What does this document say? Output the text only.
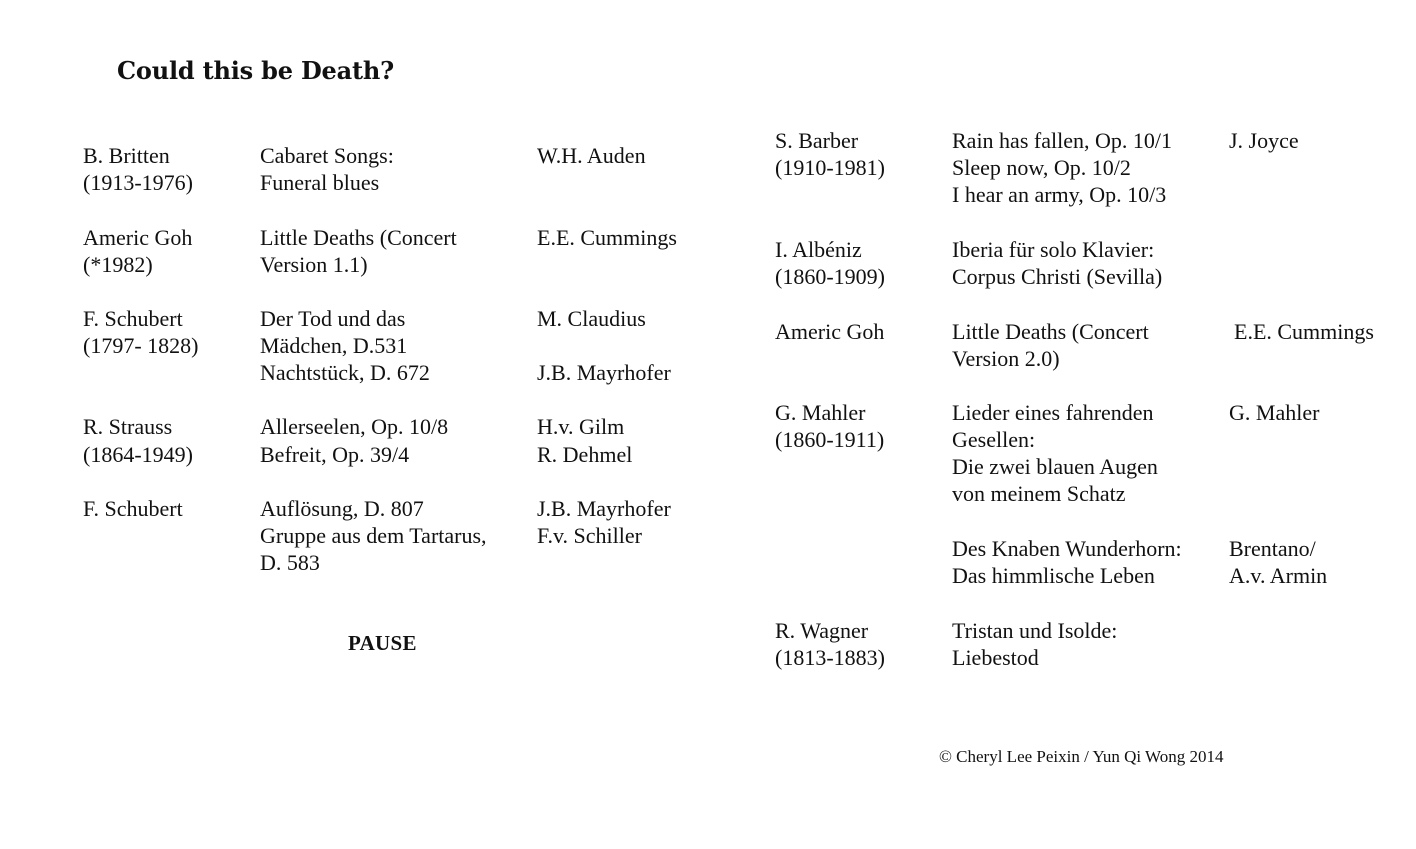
Could this be Death?
B. Britten
(1913-1976)
Cabaret Songs:
Funeral blues
W.H. Auden
Americ Goh
(*1982)
Little Deaths (Concert
Version 1.1)
E.E. Cummings
F. Schubert
(1797- 1828)
Der Tod und das
Mädchen, D.531
Nachtstück, D. 672
M. Claudius
J.B. Mayrhofer
R. Strauss
(1864-1949)
Allerseelen, Op. 10/8
Befreit, Op. 39/4
H.v. Gilm
R. Dehmel
F. Schubert	Auflösung, D. 807
Gruppe aus dem Tartarus,
D. 583
J.B. Mayrhofer
F.v. Schiller
PAUSE
S. Barber
(1910-1981)
Rain has fallen, Op. 10/1
Sleep now, Op. 10/2
I hear an army, Op. 10/3
J. Joyce
I. Albéniz
(1860-1909)
Iberia für solo Klavier:
Corpus Christi (Sevilla)
Americ Goh	Little Deaths (Concert
Version 2.0)
E.E. Cummings
G. Mahler
(1860-1911)
Lieder eines fahrenden
Gesellen:
Die zwei blauen Augen
von meinem Schatz
G. Mahler
Des Knaben Wunderhorn:
Das himmlische Leben
Brentano/
A.v. Armin
R. Wagner
(1813-1883)
Tristan und Isolde:
Liebestod
© Cheryl Lee Peixin / Yun Qi Wong 2014
